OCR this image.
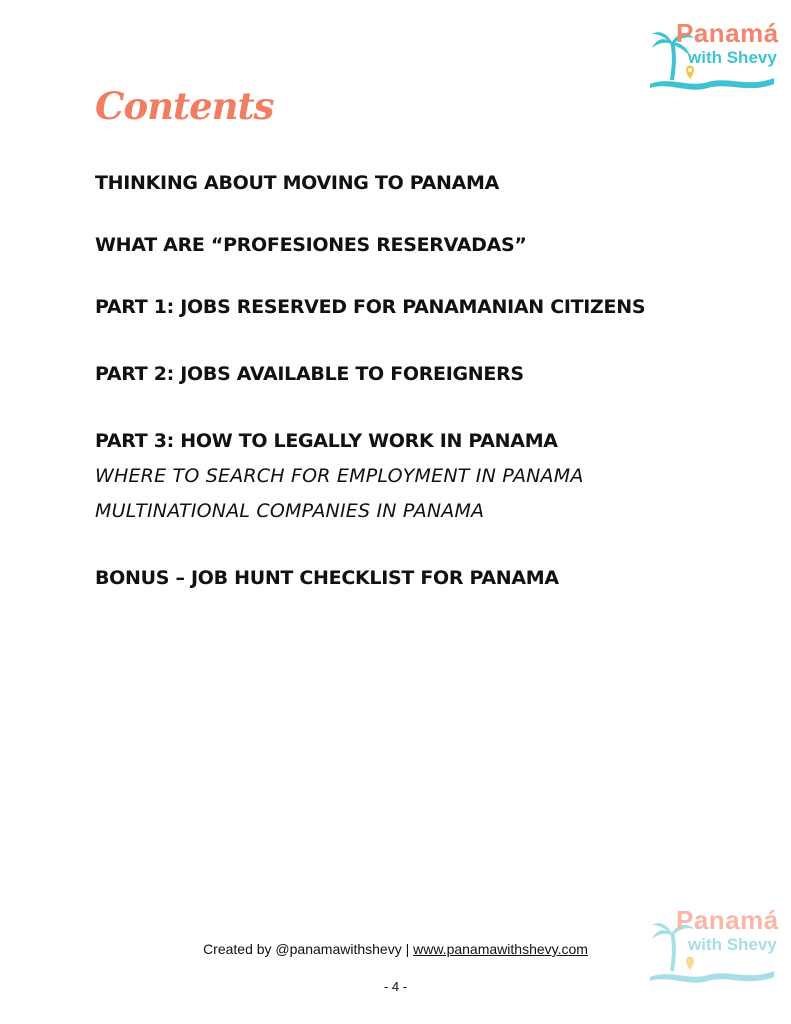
Panamá
with Shevy
Contents
THINKING ABOUT MOVING TO PANAMA
WHAT ARE “PROFESIONES RESERVADAS”
PART 1: JOBS RESERVED FOR PANAMANIAN CITIZENS
PART 2: JOBS AVAILABLE TO FOREIGNERS
PART 3: HOW TO LEGALLY WORK IN PANAMA
WHERE TO SEARCH FOR EMPLOYMENT IN PANAMA
MULTINATIONAL COMPANIES IN PANAMA
BONUS – JOB HUNT CHECKLIST FOR PANAMA
Panamá
with Shevy
Created by @panamawithshevy | www.panamawithshevy.com
- 4 -
